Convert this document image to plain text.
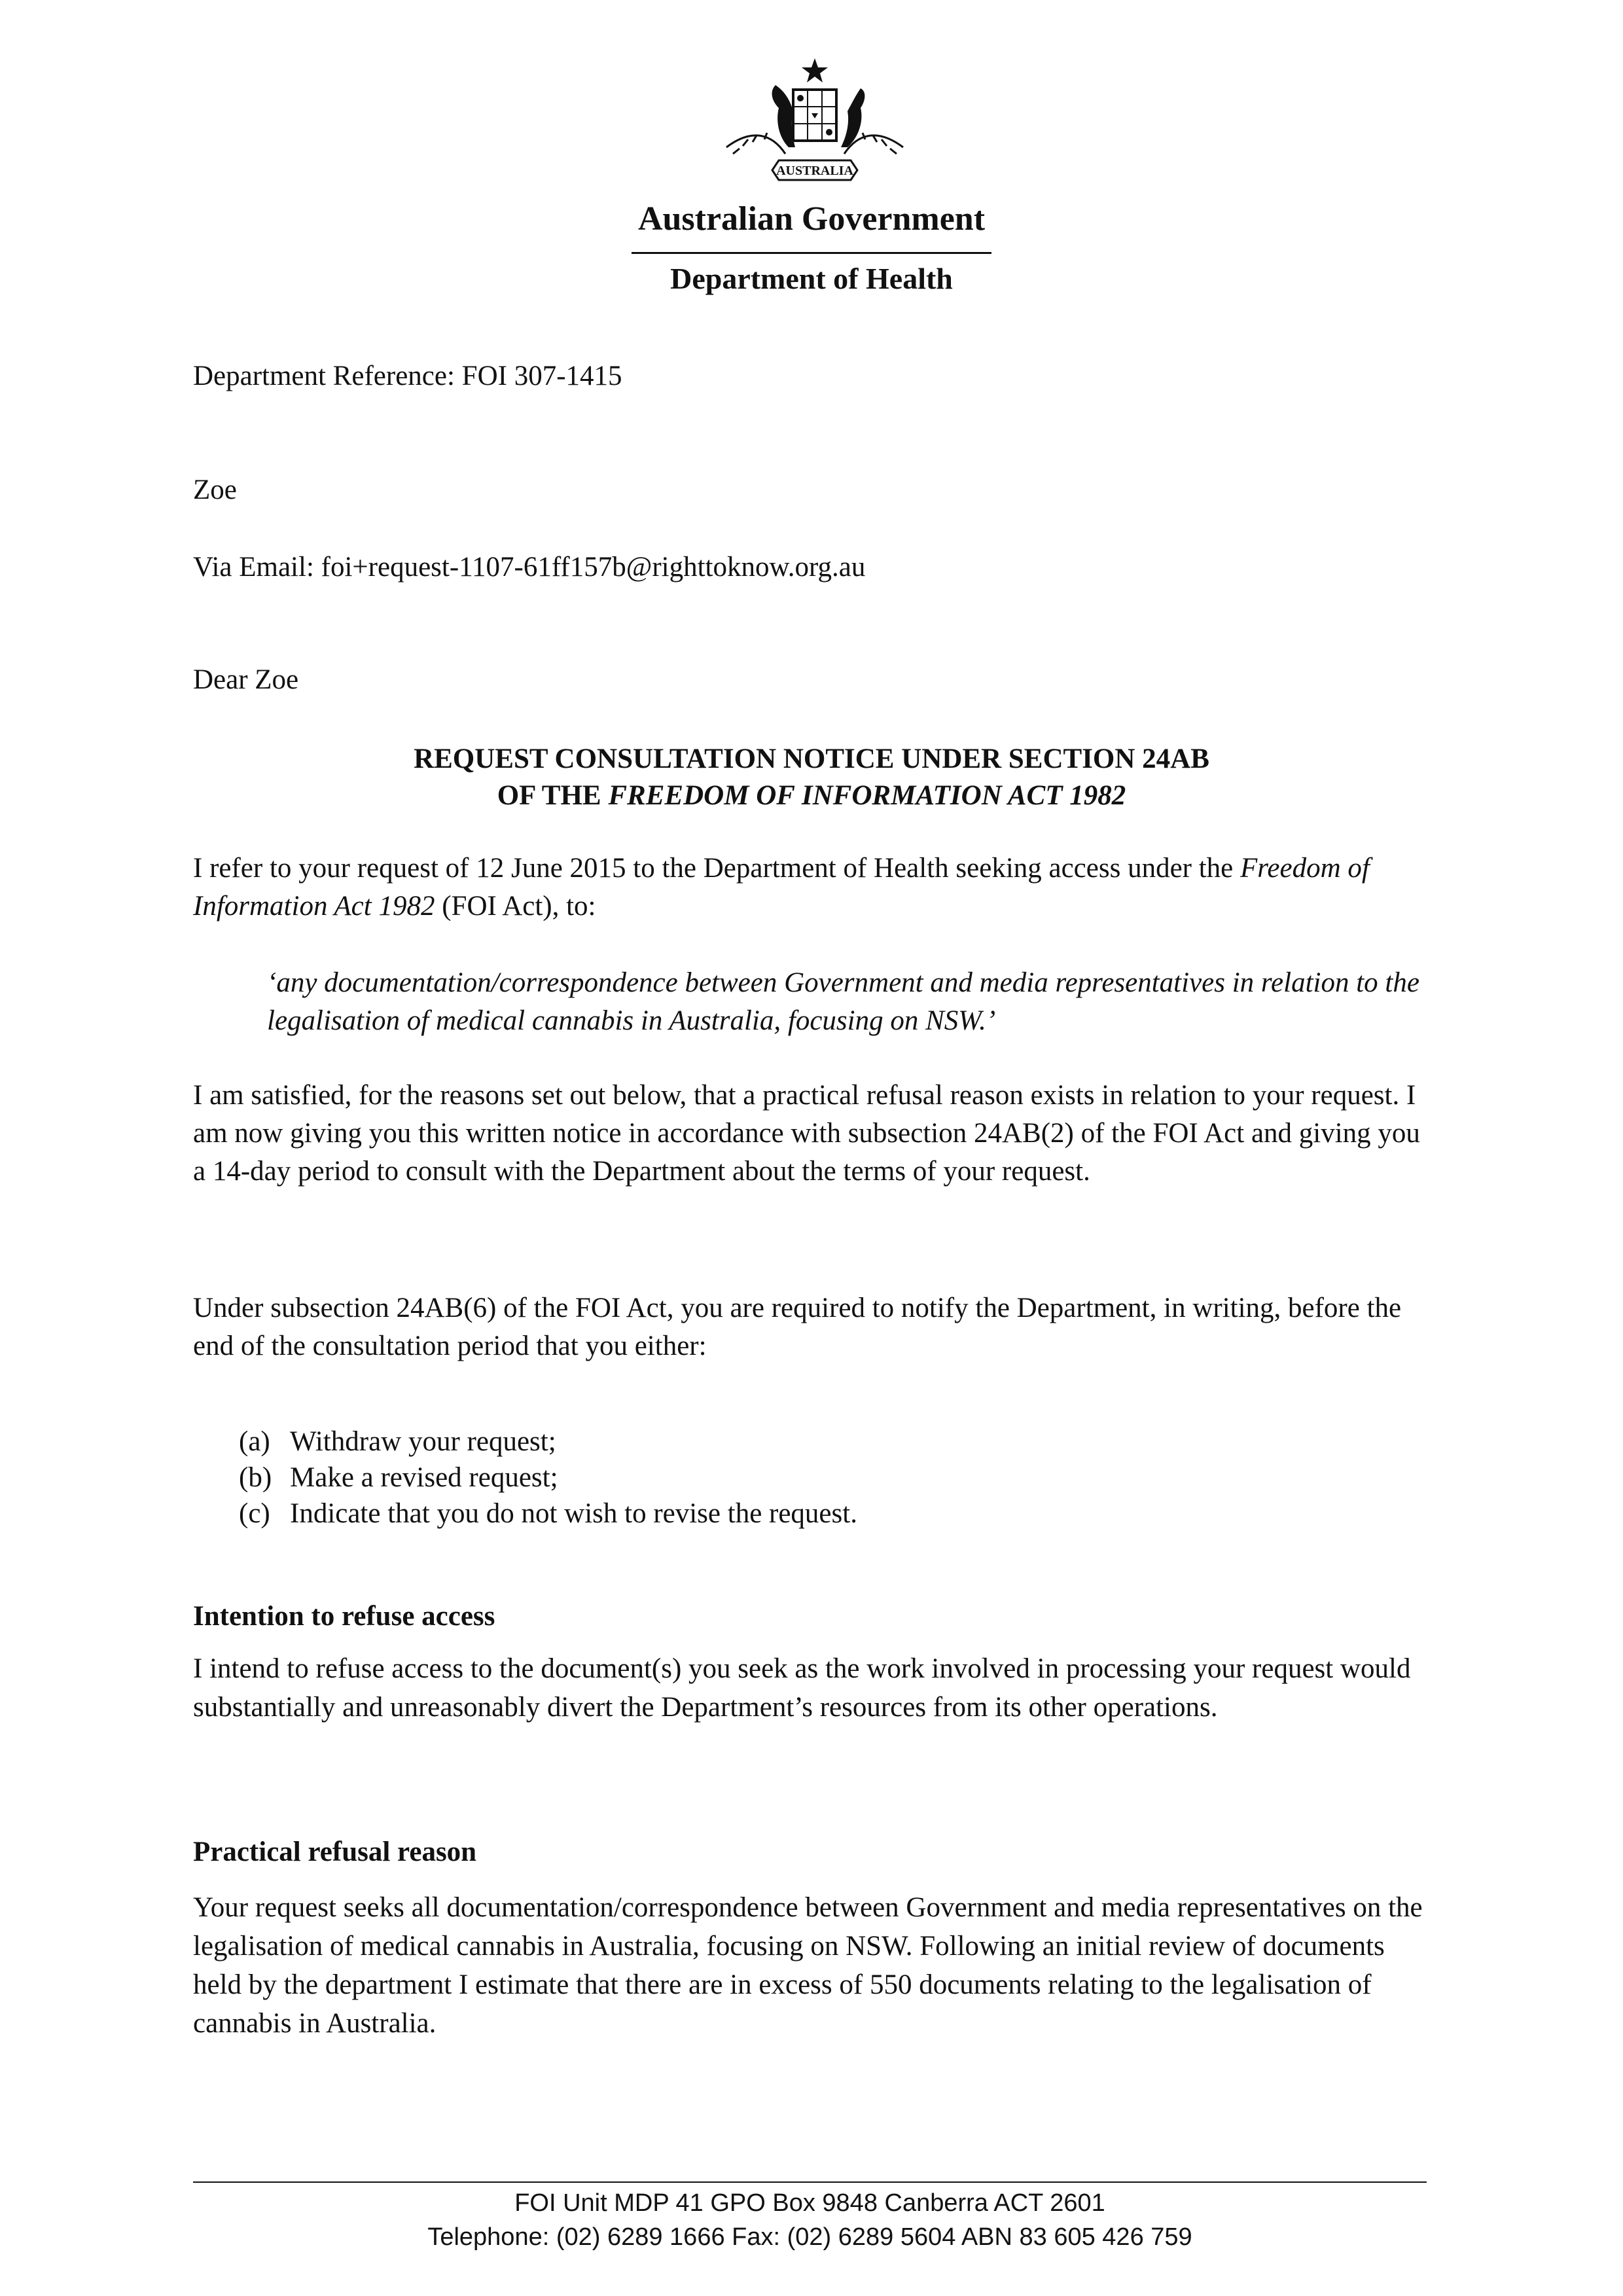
AUSTRALIA
Australian Government
Department of Health
Department Reference: FOI 307-1415
Zoe
Via Email: foi+request-1107-61ff157b@righttoknow.org.au
Dear Zoe
REQUEST CONSULTATION NOTICE UNDER SECTION 24AB
OF THE FREEDOM OF INFORMATION ACT 1982
I refer to your request of 12 June 2015 to the Department of Health seeking access under the Freedom of Information Act 1982 (FOI Act), to:
‘any documentation/correspondence between Government and media representatives in relation to the legalisation of medical cannabis in Australia, focusing on NSW.’
I am satisfied, for the reasons set out below, that a practical refusal reason exists in relation to your request. I am now giving you this written notice in accordance with subsection 24AB(2) of the FOI Act and giving you a 14-day period to consult with the Department about the terms of your request.
Under subsection 24AB(6) of the FOI Act, you are required to notify the Department, in writing, before the end of the consultation period that you either:
(a) Withdraw your request;
(b) Make a revised request;
(c) Indicate that you do not wish to revise the request.
Intention to refuse access
I intend to refuse access to the document(s) you seek as the work involved in processing your request would substantially and unreasonably divert the Department’s resources from its other operations.
Practical refusal reason
Your request seeks all documentation/correspondence between Government and media representatives on the legalisation of medical cannabis in Australia, focusing on NSW. Following an initial review of documents held by the department I estimate that there are in excess of 550 documents relating to the legalisation of cannabis in Australia.
FOI Unit MDP 41 GPO Box 9848 Canberra ACT 2601
Telephone: (02) 6289 1666 Fax: (02) 6289 5604 ABN 83 605 426 759
